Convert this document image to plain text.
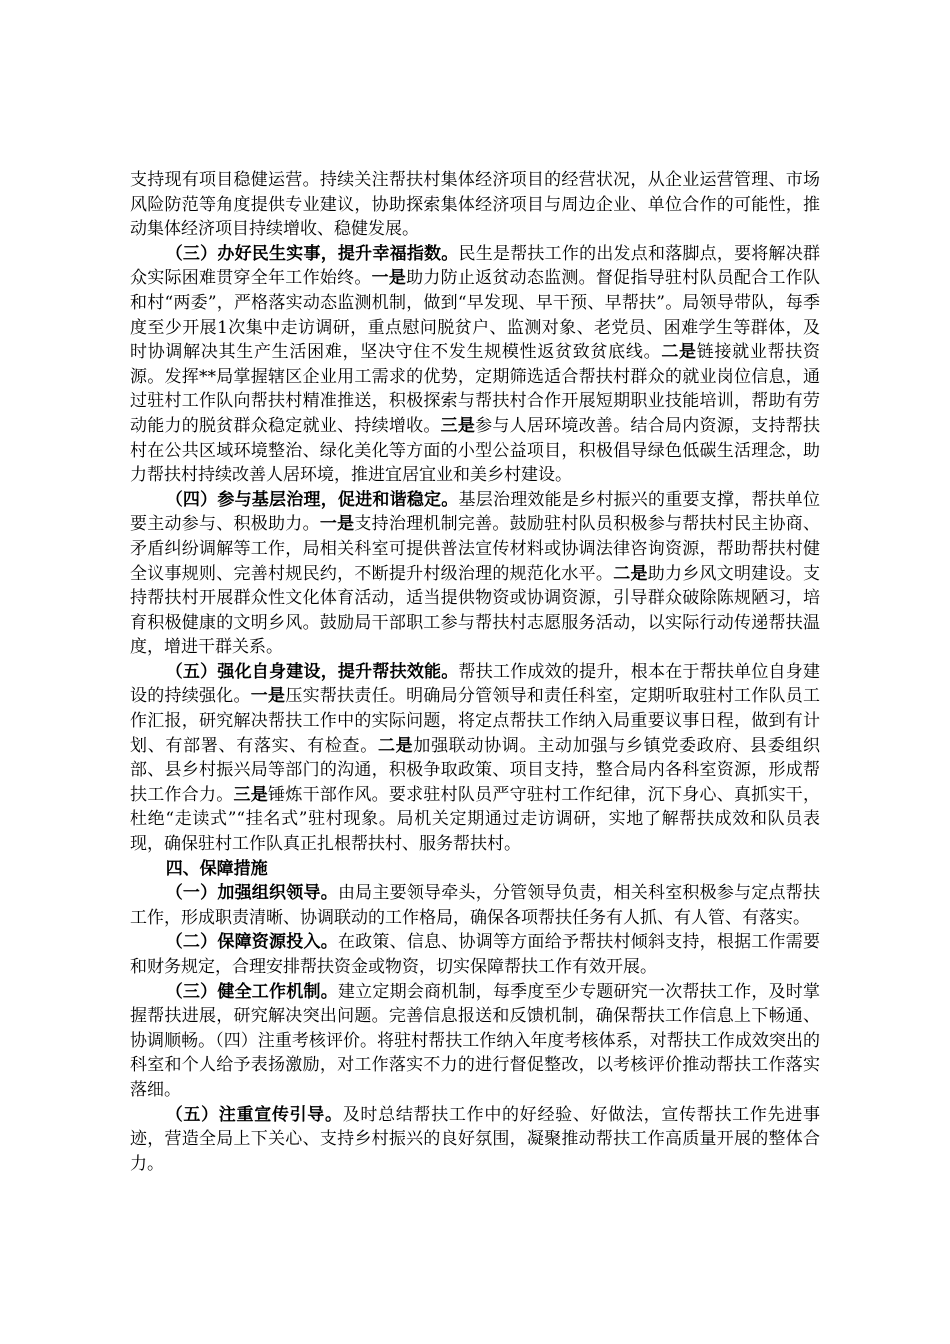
支持现有项目稳健运营。持续关注帮扶村集体经济项目的经营状况，从企业运营管理、市场风险防范等角度提供专业建议，协助探索集体经济项目与周边企业、单位合作的可能性，推动集体经济项目持续增收、稳健发展。

（三）办好民生实事，提升幸福指数。民生是帮扶工作的出发点和落脚点，要将解决群众实际困难贯穿全年工作始终。一是助力防止返贫动态监测。督促指导驻村队员配合工作队和村“两委”，严格落实动态监测机制，做到“早发现、早干预、早帮扶”。局领导带队，每季度至少开展1次集中走访调研，重点慰问脱贫户、监测对象、老党员、困难学生等群体，及时协调解决其生产生活困难，坚决守住不发生规模性返贫致贫底线。二是链接就业帮扶资源。发挥**局掌握辖区企业用工需求的优势，定期筛选适合帮扶村群众的就业岗位信息，通过驻村工作队向帮扶村精准推送，积极探索与帮扶村合作开展短期职业技能培训，帮助有劳动能力的脱贫群众稳定就业、持续增收。三是参与人居环境改善。结合局内资源，支持帮扶村在公共区域环境整治、绿化美化等方面的小型公益项目，积极倡导绿色低碳生活理念，助力帮扶村持续改善人居环境，推进宜居宜业和美乡村建设。

（四）参与基层治理，促进和谐稳定。基层治理效能是乡村振兴的重要支撑，帮扶单位要主动参与、积极助力。一是支持治理机制完善。鼓励驻村队员积极参与帮扶村民主协商、矛盾纠纷调解等工作，局相关科室可提供普法宣传材料或协调法律咨询资源，帮助帮扶村健全议事规则、完善村规民约，不断提升村级治理的规范化水平。二是助力乡风文明建设。支持帮扶村开展群众性文化体育活动，适当提供物资或协调资源，引导群众破除陈规陋习，培育积极健康的文明乡风。鼓励局干部职工参与帮扶村志愿服务活动，以实际行动传递帮扶温度，增进干群关系。

（五）强化自身建设，提升帮扶效能。帮扶工作成效的提升，根本在于帮扶单位自身建设的持续强化。一是压实帮扶责任。明确局分管领导和责任科室，定期听取驻村工作队员工作汇报，研究解决帮扶工作中的实际问题，将定点帮扶工作纳入局重要议事日程，做到有计划、有部署、有落实、有检查。二是加强联动协调。主动加强与乡镇党委政府、县委组织部、县乡村振兴局等部门的沟通，积极争取政策、项目支持，整合局内各科室资源，形成帮扶工作合力。三是锤炼干部作风。要求驻村队员严守驻村工作纪律，沉下身心、真抓实干，杜绝“走读式”“挂名式”驻村现象。局机关定期通过走访调研，实地了解帮扶成效和队员表现，确保驻村工作队真正扎根帮扶村、服务帮扶村。

四、保障措施

（一）加强组织领导。由局主要领导牵头，分管领导负责，相关科室积极参与定点帮扶工作，形成职责清晰、协调联动的工作格局，确保各项帮扶任务有人抓、有人管、有落实。

（二）保障资源投入。在政策、信息、协调等方面给予帮扶村倾斜支持，根据工作需要和财务规定，合理安排帮扶资金或物资，切实保障帮扶工作有效开展。

（三）健全工作机制。建立定期会商机制，每季度至少专题研究一次帮扶工作，及时掌握帮扶进展，研究解决突出问题。完善信息报送和反馈机制，确保帮扶工作信息上下畅通、协调顺畅。（四）注重考核评价。将驻村帮扶工作纳入年度考核体系，对帮扶工作成效突出的科室和个人给予表扬激励，对工作落实不力的进行督促整改，以考核评价推动帮扶工作落实落细。

（五）注重宣传引导。及时总结帮扶工作中的好经验、好做法，宣传帮扶工作先进事迹，营造全局上下关心、支持乡村振兴的良好氛围，凝聚推动帮扶工作高质量开展的整体合力。
